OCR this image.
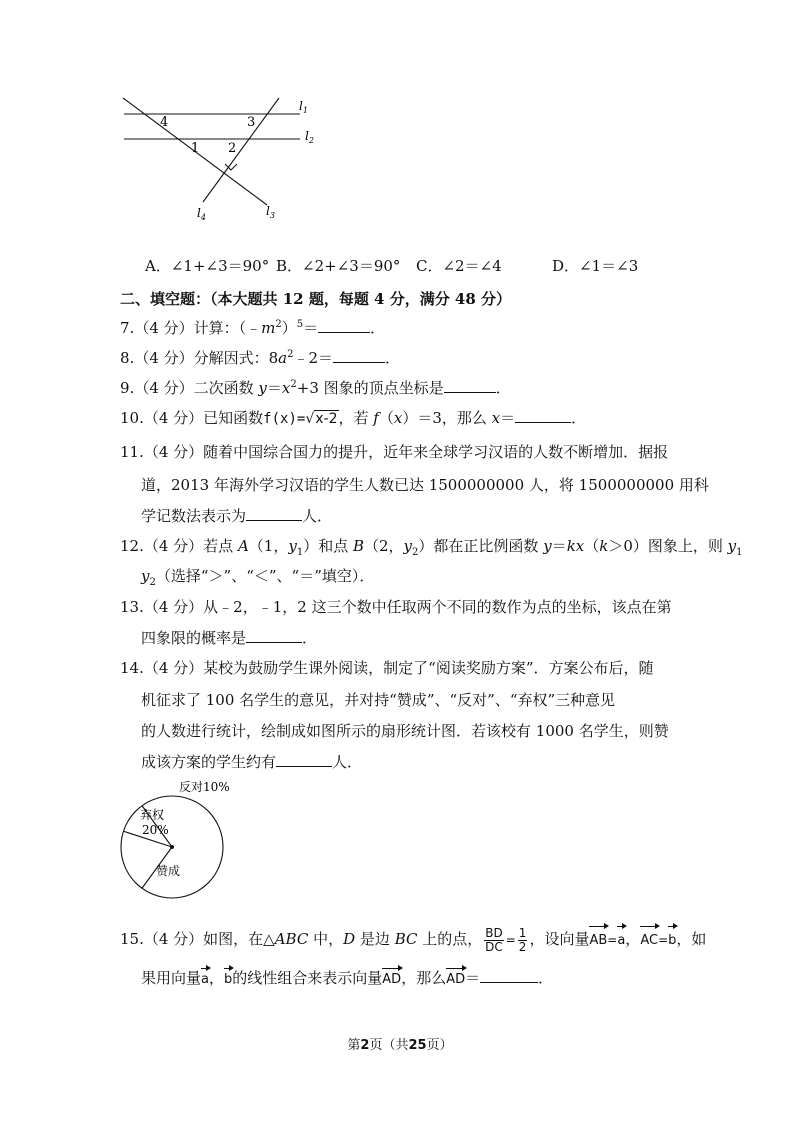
$l_1$
$l_2$
$l_3$
$l_4$
4	3
1 2
A．∠1+∠3＝90° B．∠2+∠3＝90° C．∠2＝∠4	D．∠1＝∠3
二、填空题：（本大题共 12 题，每题 4 分，满分 48 分）
7.（4 分）计算：$(﹣m^2)^5=$	．
8.（4 分）分解因式：$8a^2﹣2=$	．
9.（4 分）二次函数 $y=x^2+3$ 图象的顶点坐标是	．
10.（4 分）已知函数f(x)=√x-2，若 f（x）＝3，那么 x＝	．
11.（4 分）随着中国综合国力的提升，近年来全球学习汉语的人数不断增加．据报
道，2013 年海外学习汉语的学生人数已达 1500000000 人，将 1500000000 用科
学记数法表示为	人．
12.（4 分）若点 A（1，$y_1$）和点 B（2，$y_2$）都在正比例函数 y＝kx（k＞0）图象上，则 $y_1$
$y_2$（选择“＞”、“＜”、“＝”填空）．
13.（4 分）从﹣2，﹣1，2 这三个数中任取两个不同的数作为点的坐标，该点在第
四象限的概率是	．
14.（4 分）某校为鼓励学生课外阅读，制定了“阅读奖励方案”．方案公布后，随
机征求了 100 名学生的意见，并对持“赞成”、“反对”、“弃权”三种意见
的人数进行统计，绘制成如图所示的扇形统计图．若该校有 1000 名学生，则赞
成该方案的学生约有	人．
反对10%
弃权
20%
赞成
15.（4 分）如图，在△ABC 中，D 是边 BC 上的点， $\frac{BD}{DC} = \frac{1}{2}$ ，设向量AB=a，AC=b，如
果用向量a，b的线性组合来表示向量AD，那么AD＝	．
第2页（共25页）
